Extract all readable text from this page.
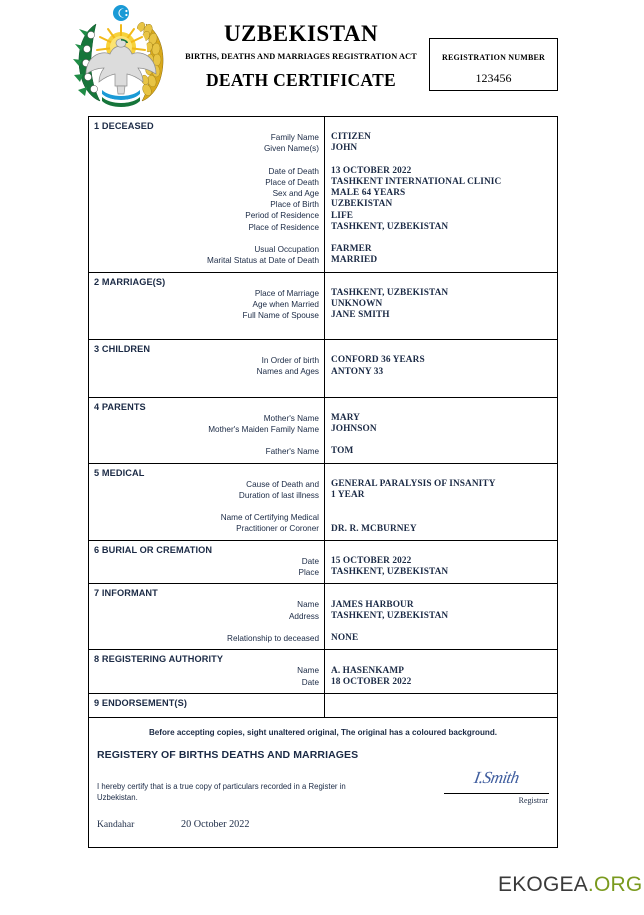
UZBEKISTAN
BIRTHS, DEATHS AND MARRIAGES REGISTRATION ACT
DEATH CERTIFICATE
REGISTRATION NUMBER
123456
1 DECEASED
Family Name
Given Name(s)
Date of Death
Place of Death
Sex and Age
Place of Birth
Period of Residence
Place of Residence
Usual Occupation
Marital Status at Date of Death
CITIZEN
JOHN
13 OCTOBER 2022
TASHKENT INTERNATIONAL CLINIC
MALE 64 YEARS
UZBEKISTAN
LIFE
TASHKENT, UZBEKISTAN
FARMER
MARRIED
2 MARRIAGE(S)
Place of Marriage
Age when Married
Full Name of Spouse
TASHKENT, UZBEKISTAN
UNKNOWN
JANE SMITH
3 CHILDREN
In Order of birth
Names and Ages
CONFORD 36 YEARS
ANTONY 33
4 PARENTS
Mother's Name
Mother's Maiden Family Name
Father's Name
MARY
JOHNSON
TOM
5 MEDICAL
Cause of Death and
Duration of last illness
Name of Certifying Medical
Practitioner or Coroner
GENERAL PARALYSIS OF INSANITY
1 YEAR
DR. R. MCBURNEY
6 BURIAL OR CREMATION
Date
Place
15 OCTOBER 2022
TASHKENT, UZBEKISTAN
7 INFORMANT
Name
Address
Relationship to deceased
JAMES HARBOUR
TASHKENT, UZBEKISTAN
NONE
8 REGISTERING AUTHORITY
Name
Date
A. HASENKAMP
18 OCTOBER 2022
9 ENDORSEMENT(S)
Before accepting copies, sight unaltered original, The original has a coloured background.
REGISTERY OF BIRTHS DEATHS AND MARRIAGES
I hereby certify that is a true copy of particulars recorded in a Register in
Uzbekistan.
I.Smith
Registrar
Kandahar	20 October 2022
EKOGEA.ORG
